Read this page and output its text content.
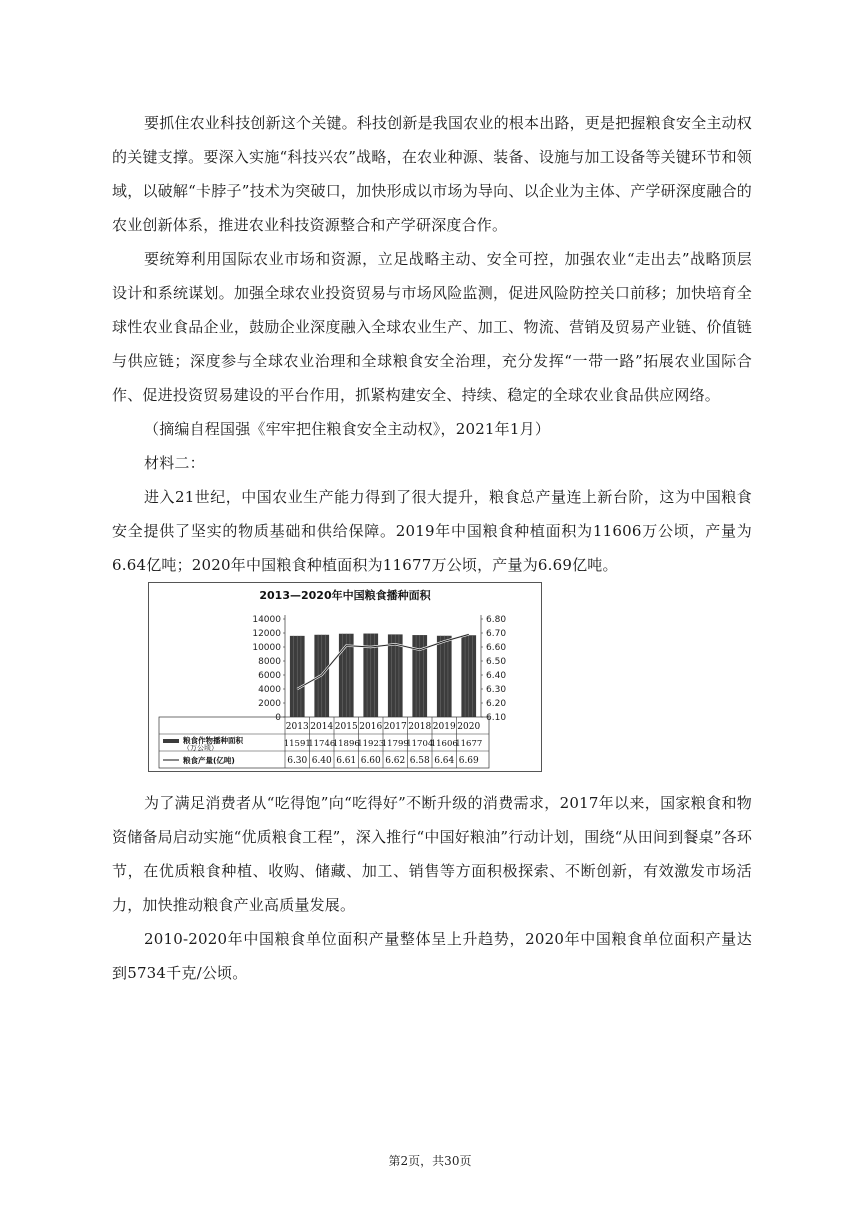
要抓住农业科技创新这个关键。科技创新是我国农业的根本出路，更是把握粮食安全主动权的关键支撑。要深入实施“科技兴农”战略，在农业种源、装备、设施与加工设备等关键环节和领域，以破解“卡脖子”技术为突破口，加快形成以市场为导向、以企业为主体、产学研深度融合的农业创新体系，推进农业科技资源整合和产学研深度合作。

要统筹利用国际农业市场和资源，立足战略主动、安全可控，加强农业“走出去”战略顶层设计和系统谋划。加强全球农业投资贸易与市场风险监测，促进风险防控关口前移；加快培育全球性农业食品企业，鼓励企业深度融入全球农业生产、加工、物流、营销及贸易产业链、价值链与供应链；深度参与全球农业治理和全球粮食安全治理，充分发挥“一带一路”拓展农业国际合作、促进投资贸易建设的平台作用，抓紧构建安全、持续、稳定的全球农业食品供应网络。

（摘编自程国强《牢牢把住粮食安全主动权》，2021年1月）

材料二：

进入21世纪，中国农业生产能力得到了很大提升，粮食总产量连上新台阶，这为中国粮食安全提供了坚实的物质基础和供给保障。2019年中国粮食种植面积为11606万公顷，产量为6.64亿吨；2020年中国粮食种植面积为11677万公顷，产量为6.69亿吨。

2013—2020年中国粮食播种面积
0
2000
4000
6000
8000
10000
12000
14000
6.10
6.20
6.30
6.40
6.50
6.60
6.70
6.80
2013
11591
6.30
2014
11746
6.40
2015
11896
6.61
2016
11923
6.60
2017
11799
6.62
2018
11704
6.58
2019
11606
6.64
2020
11677
6.69
粮食作物播种面积
（万公顷）
粮食产量(亿吨)

为了满足消费者从“吃得饱”向“吃得好”不断升级的消费需求，2017年以来，国家粮食和物资储备局启动实施“优质粮食工程”，深入推行“中国好粮油”行动计划，围绕“从田间到餐桌”各环节，在优质粮食种植、收购、储藏、加工、销售等方面积极探索、不断创新，有效激发市场活力，加快推动粮食产业高质量发展。

2010-2020年中国粮食单位面积产量整体呈上升趋势，2020年中国粮食单位面积产量达到5734千克/公顷。

第2页，共30页
